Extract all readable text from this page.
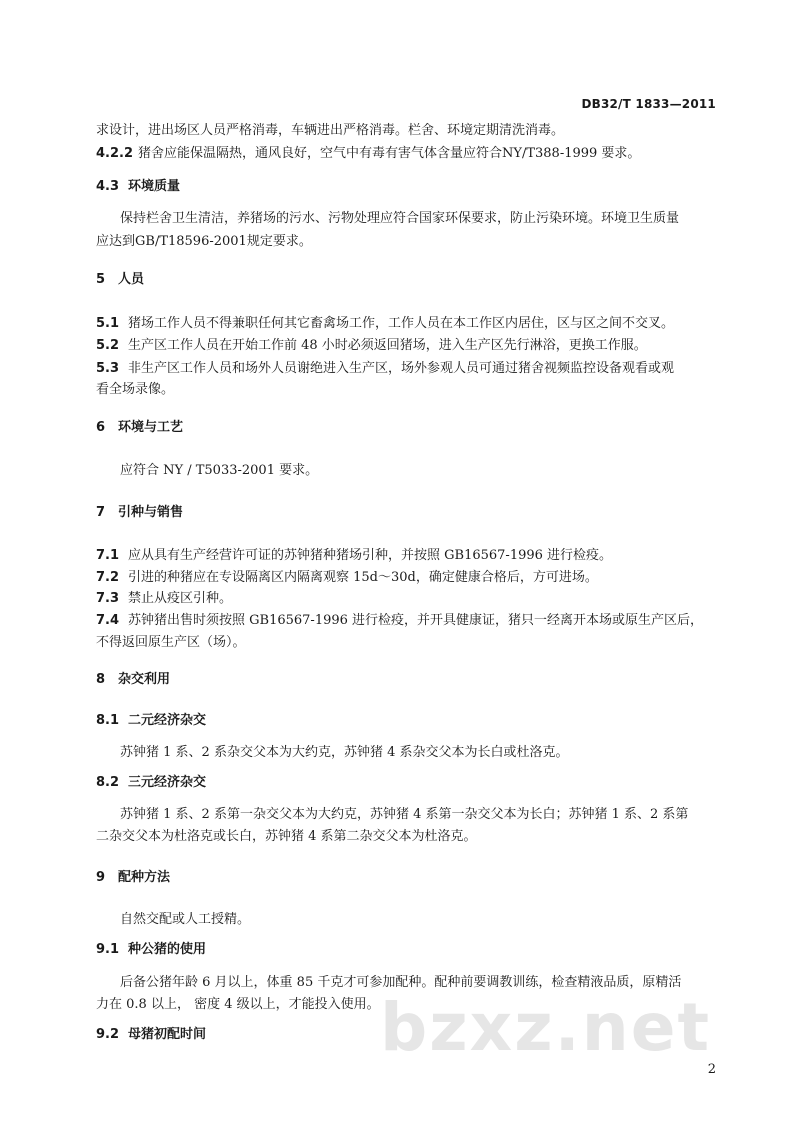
DB32/T 1833—2011
求设计，进出场区人员严格消毒，车辆进出严格消毒。栏舍、环境定期清洗消毒。
4.2.2 猪舍应能保温隔热，通风良好，空气中有毒有害气体含量应符合NY/T388-1999 要求。
4.3 环境质量
保持栏舍卫生清洁，养猪场的污水、污物处理应符合国家环保要求，防止污染环境。环境卫生质量
应达到GB/T18596-2001规定要求。
5 人员
5.1 猪场工作人员不得兼职任何其它畜禽场工作，工作人员在本工作区内居住，区与区之间不交叉。
5.2 生产区工作人员在开始工作前 48 小时必须返回猪场，进入生产区先行淋浴，更换工作服。
5.3 非生产区工作人员和场外人员谢绝进入生产区，场外参观人员可通过猪舍视频监控设备观看或观
看全场录像。
6 环境与工艺
应符合 NY / T5033-2001 要求。
7 引种与销售
7.1 应从具有生产经营许可证的苏钟猪种猪场引种，并按照 GB16567-1996 进行检疫。
7.2 引进的种猪应在专设隔离区内隔离观察 15d～30d，确定健康合格后，方可进场。
7.3 禁止从疫区引种。
7.4 苏钟猪出售时须按照 GB16567-1996 进行检疫，并开具健康证，猪只一经离开本场或原生产区后，
不得返回原生产区（场）。
8 杂交利用
8.1 二元经济杂交
苏钟猪 1 系、2 系杂交父本为大约克，苏钟猪 4 系杂交父本为长白或杜洛克。
8.2 三元经济杂交
苏钟猪 1 系、2 系第一杂交父本为大约克，苏钟猪 4 系第一杂交父本为长白；苏钟猪 1 系、2 系第
二杂交父本为杜洛克或长白，苏钟猪 4 系第二杂交父本为杜洛克。
9 配种方法
自然交配或人工授精。
9.1 种公猪的使用
后备公猪年龄 6 月以上，体重 85 千克才可参加配种。配种前要调教训练，检查精液品质，原精活
力在 0.8 以上， 密度 4 级以上，才能投入使用。
9.2 母猪初配时间	bzxz.net
2
